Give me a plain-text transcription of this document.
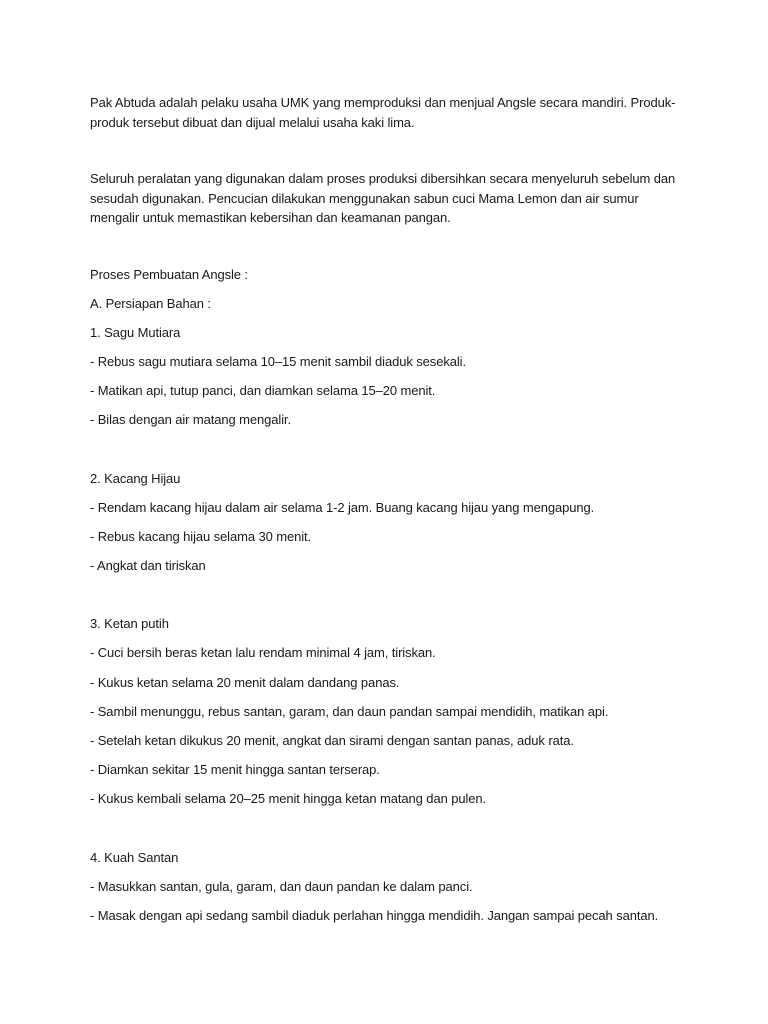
Pak Abtuda adalah pelaku usaha UMK yang memproduksi dan menjual Angsle secara mandiri. Produk-produk tersebut dibuat dan dijual melalui usaha kaki lima.

Seluruh peralatan yang digunakan dalam proses produksi dibersihkan secara menyeluruh sebelum dan sesudah digunakan. Pencucian dilakukan menggunakan sabun cuci Mama Lemon dan air sumur mengalir untuk memastikan kebersihan dan keamanan pangan.

Proses Pembuatan Angsle :

A. Persiapan Bahan :

1. Sagu Mutiara

- Rebus sagu mutiara selama 10–15 menit sambil diaduk sesekali.

- Matikan api, tutup panci, dan diamkan selama 15–20 menit.

- Bilas dengan air matang mengalir.

2. Kacang Hijau

- Rendam kacang hijau dalam air selama 1-2 jam. Buang kacang hijau yang mengapung.

- Rebus kacang hijau selama 30 menit.

- Angkat dan tiriskan

3. Ketan putih

- Cuci bersih beras ketan lalu rendam minimal 4 jam, tiriskan.

- Kukus ketan selama 20 menit dalam dandang panas.

- Sambil menunggu, rebus santan, garam, dan daun pandan sampai mendidih, matikan api.

- Setelah ketan dikukus 20 menit, angkat dan sirami dengan santan panas, aduk rata.

- Diamkan sekitar 15 menit hingga santan terserap.

- Kukus kembali selama 20–25 menit hingga ketan matang dan pulen.

4. Kuah Santan

- Masukkan santan, gula, garam, dan daun pandan ke dalam panci.

- Masak dengan api sedang sambil diaduk perlahan hingga mendidih. Jangan sampai pecah santan.
